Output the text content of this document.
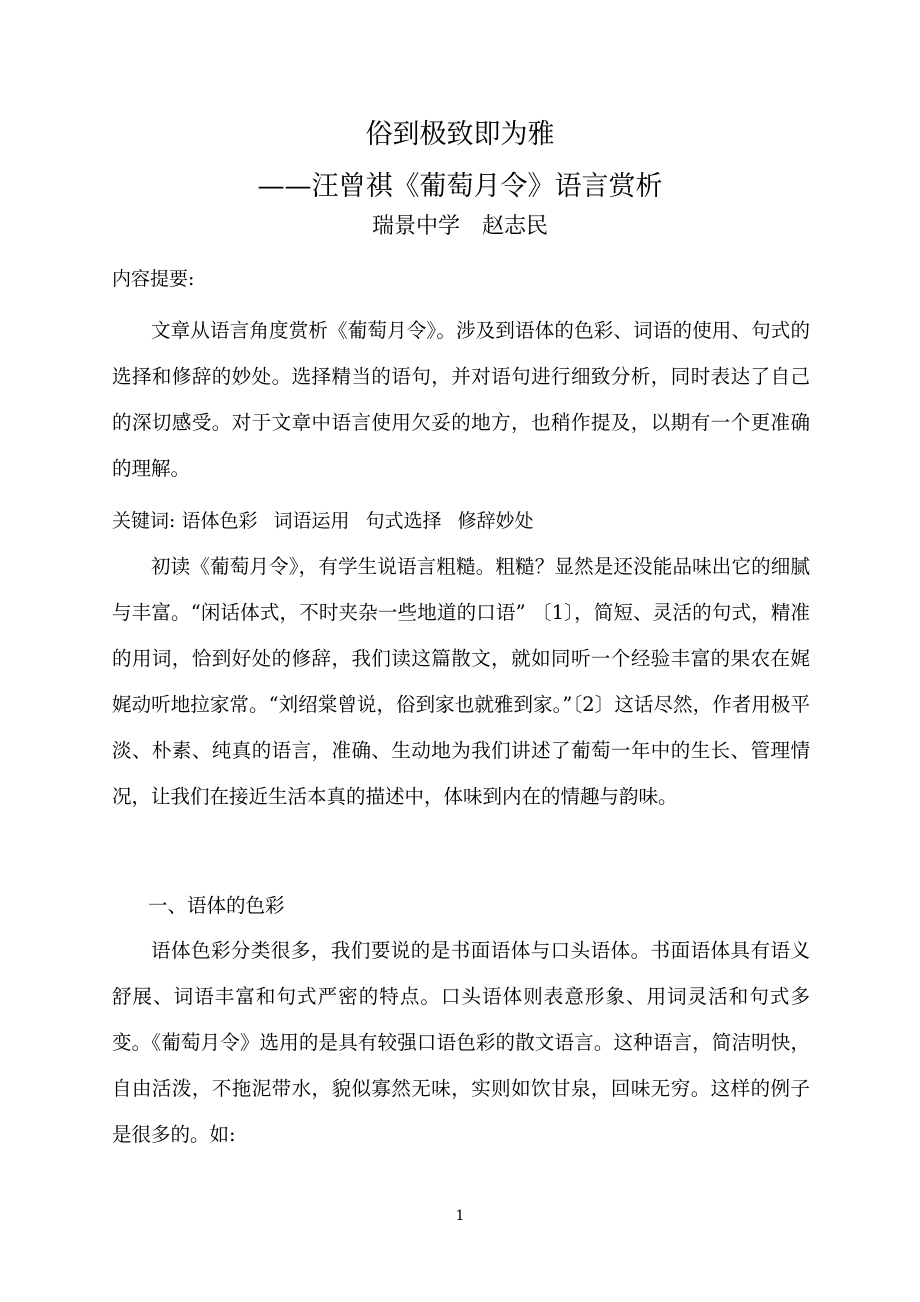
俗到极致即为雅
——汪曾祺《葡萄月令》语言赏析
瑞景中学 赵志民
内容提要:
文章从语言角度赏析《葡萄月令》。涉及到语体的色彩、词语的使用、句式的选择和修辞的妙处。选择精当的语句，并对语句进行细致分析，同时表达了自己的深切感受。对于文章中语言使用欠妥的地方，也稍作提及，以期有一个更准确的理解。
关键词: 语体色彩 词语运用 句式选择 修辞妙处
初读《葡萄月令》，有学生说语言粗糙。粗糙？显然是还没能品味出它的细腻与丰富。“闲话体式，不时夹杂一些地道的口语” 〔1〕，简短、灵活的句式，精准的用词，恰到好处的修辞，我们读这篇散文，就如同听一个经验丰富的果农在娓娓动听地拉家常。“刘绍棠曾说，俗到家也就雅到家。”〔2〕这话尽然，作者用极平淡、朴素、纯真的语言，准确、生动地为我们讲述了葡萄一年中的生长、管理情况，让我们在接近生活本真的描述中，体味到内在的情趣与韵味。
一、语体的色彩
语体色彩分类很多，我们要说的是书面语体与口头语体。书面语体具有语义舒展、词语丰富和句式严密的特点。口头语体则表意形象、用词灵活和句式多变。《葡萄月令》选用的是具有较强口语色彩的散文语言。这种语言，简洁明快，自由活泼，不拖泥带水，貌似寡然无味，实则如饮甘泉，回味无穷。这样的例子是很多的。如:
1
